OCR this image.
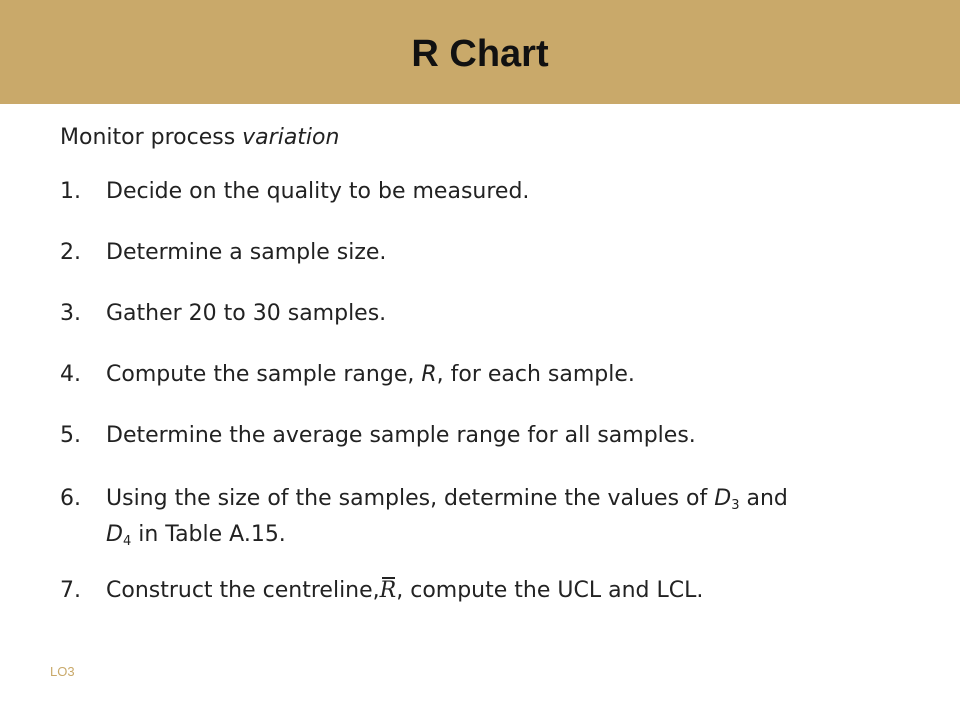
R Chart

Monitor process variation

1. Decide on the quality to be measured.
2. Determine a sample size.
3. Gather 20 to 30 samples.
4. Compute the sample range, R, for each sample.
5. Determine the average sample range for all samples.
6. Using the size of the samples, determine the values of $D_3$ and
$D_4$ in Table A.15.
7. Construct the centreline,R, compute the UCL and LCL.
LO3
